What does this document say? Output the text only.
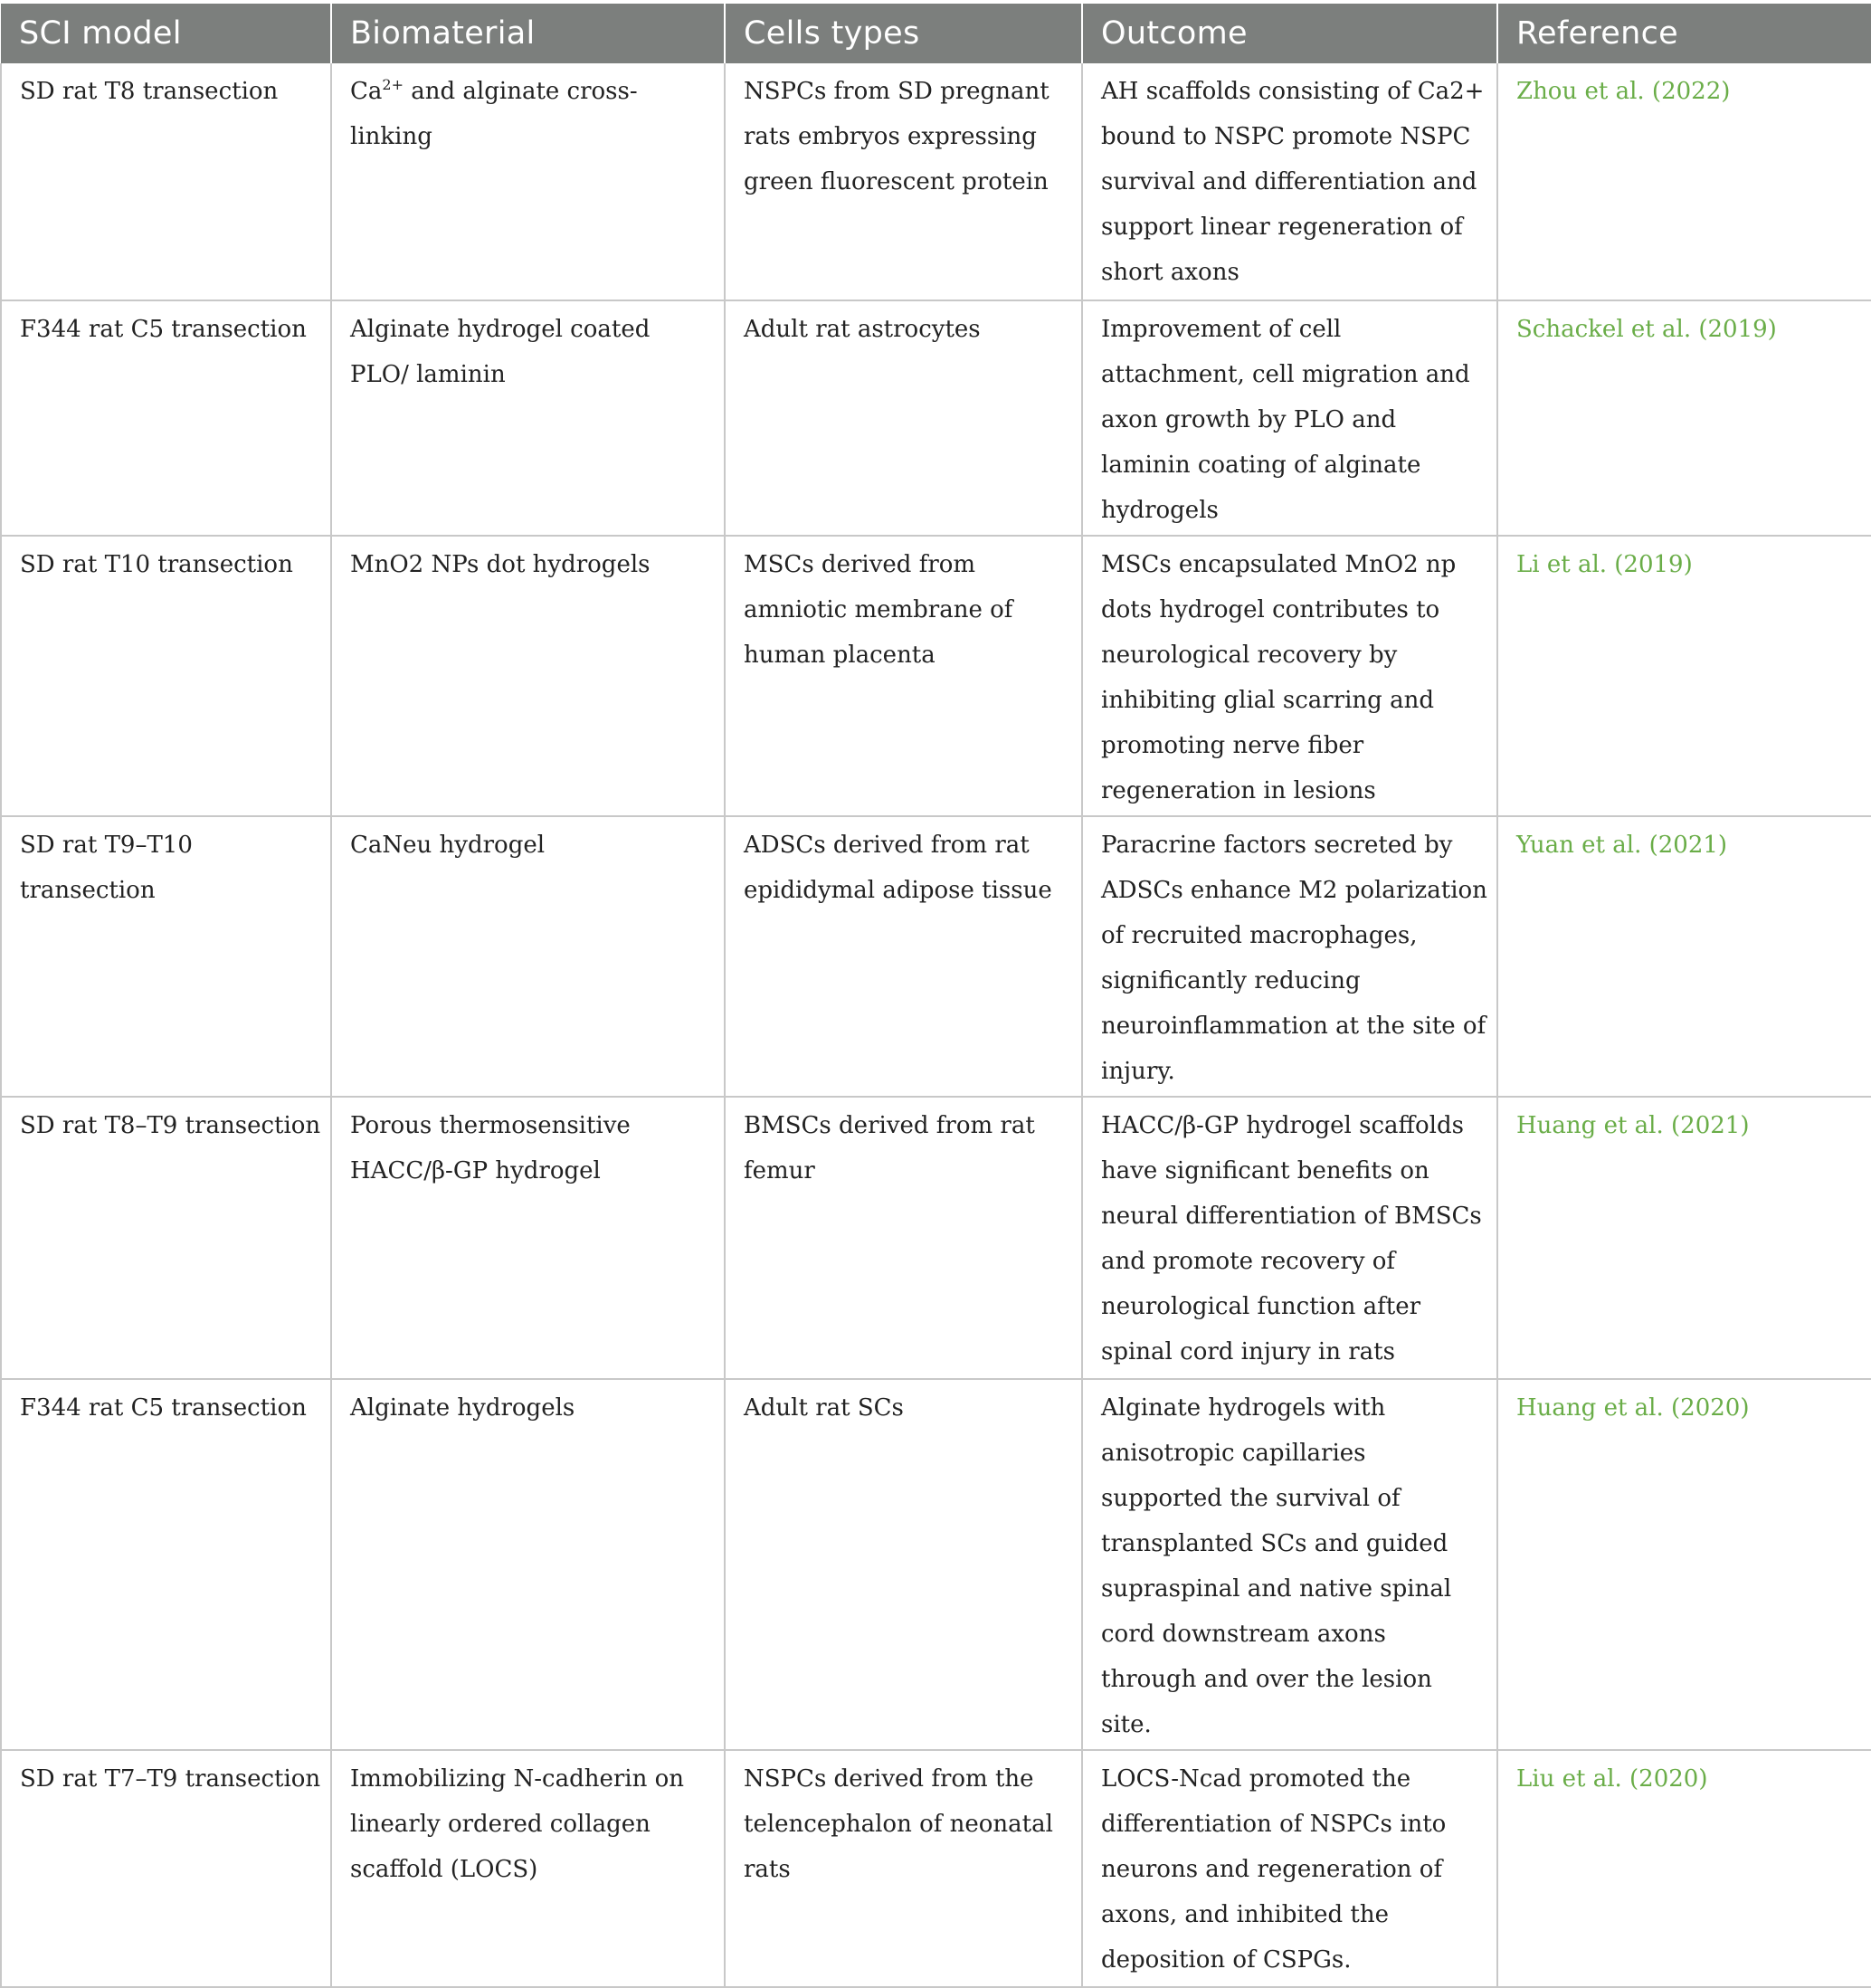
SCI model	Biomaterial	Cells types	Outcome	Reference
SD rat T8 transection	$Ca^{2+}$ and alginate cross-linking	NSPCs from SD pregnant rats embryos expressing green fluorescent protein	AH scaffolds consisting of Ca2+ bound to NSPC promote NSPC survival and differentiation and support linear regeneration of short axons	Zhou et al. (2022)
F344 rat C5 transection	Alginate hydrogel coated PLO/ laminin	Adult rat astrocytes	Improvement of cell attachment, cell migration and axon growth by PLO and laminin coating of alginate hydrogels	Schackel et al. (2019)
SD rat T10 transection	MnO2 NPs dot hydrogels	MSCs derived from amniotic membrane of human placenta	MSCs encapsulated MnO2 np dots hydrogel contributes to neurological recovery by inhibiting glial scarring and promoting nerve fiber regeneration in lesions	Li et al. (2019)
SD rat T9–T10 transection	CaNeu hydrogel	ADSCs derived from rat epididymal adipose tissue	Paracrine factors secreted by ADSCs enhance M2 polarization of recruited macrophages, significantly reducing neuroinflammation at the site of injury.	Yuan et al. (2021)
SD rat T8–T9 transection	Porous thermosensitive HACC/β-GP hydrogel	BMSCs derived from rat femur	HACC/β-GP hydrogel scaffolds have significant benefits on neural differentiation of BMSCs and promote recovery of neurological function after spinal cord injury in rats	Huang et al. (2021)
F344 rat C5 transection	Alginate hydrogels	Adult rat SCs	Alginate hydrogels with anisotropic capillaries supported the survival of transplanted SCs and guided supraspinal and native spinal cord downstream axons through and over the lesion site.	Huang et al. (2020)
SD rat T7–T9 transection	Immobilizing N-cadherin on linearly ordered collagen scaffold (LOCS)	NSPCs derived from the telencephalon of neonatal rats	LOCS-Ncad promoted the differentiation of NSPCs into neurons and regeneration of axons, and inhibited the deposition of CSPGs.	Liu et al. (2020)
